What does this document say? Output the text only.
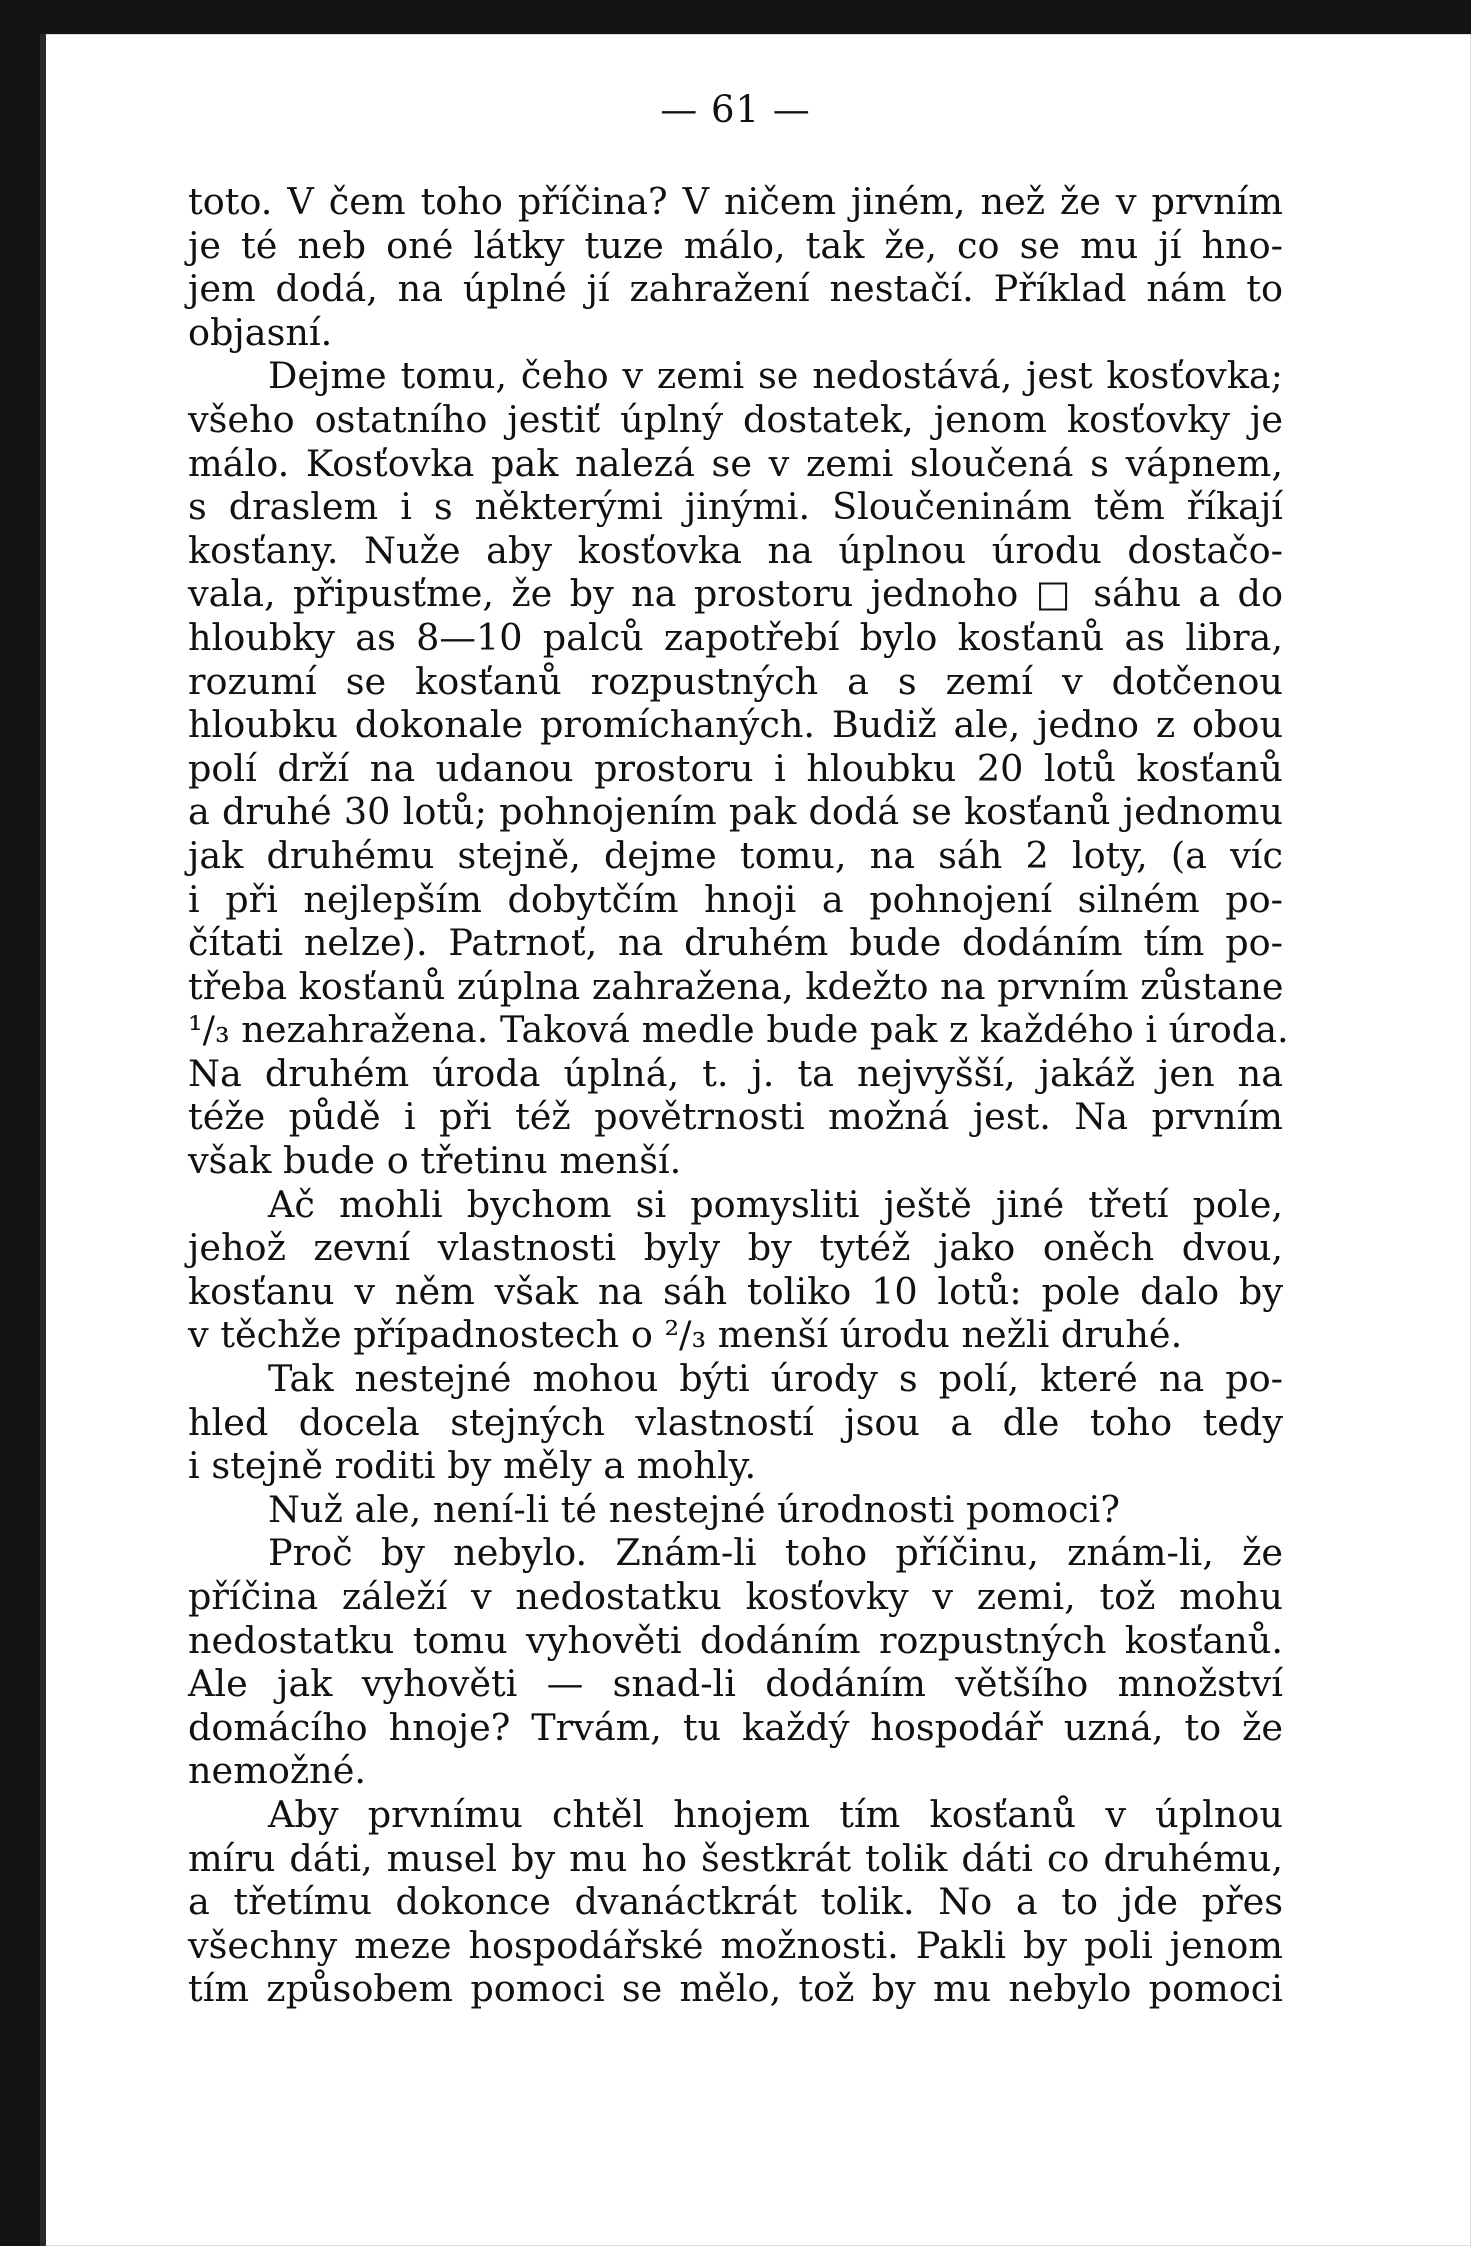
— 61 —
toto. V čem toho příčina? V ničem jiném, než že v prvním
je té neb oné látky tuze málo, tak že, co se mu jí hno-
jem dodá, na úplné jí zahražení nestačí. Příklad nám to
objasní.
Dejme tomu, čeho v zemi se nedostává, jest kosťovka;
všeho ostatního jestiť úplný dostatek, jenom kosťovky je
málo. Kosťovka pak nalezá se v zemi sloučená s vápnem,
s draslem i s některými jinými. Sloučeninám těm říkají
kosťany. Nuže aby kosťovka na úplnou úrodu dostačo-
vala, připusťme, že by na prostoru jednoho □ sáhu a do
hloubky as 8—10 palců zapotřebí bylo kosťanů as libra,
rozumí se kosťanů rozpustných a s zemí v dotčenou
hloubku dokonale promíchaných. Budiž ale, jedno z obou
polí drží na udanou prostoru i hloubku 20 lotů kosťanů
a druhé 30 lotů; pohnojením pak dodá se kosťanů jednomu
jak druhému stejně, dejme tomu, na sáh 2 loty, (a víc
i při nejlepším dobytčím hnoji a pohnojení silném po-
čítati nelze). Patrnoť, na druhém bude dodáním tím po-
třeba kosťanů zúplna zahražena, kdežto na prvním zůstane
¹/₃ nezahražena. Taková medle bude pak z každého i úroda.
Na druhém úroda úplná, t. j. ta nejvyšší, jakáž jen na
téže půdě i při též povětrnosti možná jest. Na prvním
však bude o třetinu menší.
Ač mohli bychom si pomysliti ještě jiné třetí pole,
jehož zevní vlastnosti byly by tytéž jako oněch dvou,
kosťanu v něm však na sáh toliko 10 lotů: pole dalo by
v těchže případnostech o ²/₃ menší úrodu nežli druhé.
Tak nestejné mohou býti úrody s polí, které na po-
hled docela stejných vlastností jsou a dle toho tedy
i stejně roditi by měly a mohly.
Nuž ale, není-li té nestejné úrodnosti pomoci?
Proč by nebylo. Znám-li toho příčinu, znám-li, že
příčina záleží v nedostatku kosťovky v zemi, tož mohu
nedostatku tomu vyhověti dodáním rozpustných kosťanů.
Ale jak vyhověti — snad-li dodáním většího množství
domácího hnoje? Trvám, tu každý hospodář uzná, to že
nemožné.
Aby prvnímu chtěl hnojem tím kosťanů v úplnou
míru dáti, musel by mu ho šestkrát tolik dáti co druhému,
a třetímu dokonce dvanáctkrát tolik. No a to jde přes
všechny meze hospodářské možnosti. Pakli by poli jenom
tím způsobem pomoci se mělo, tož by mu nebylo pomoci
